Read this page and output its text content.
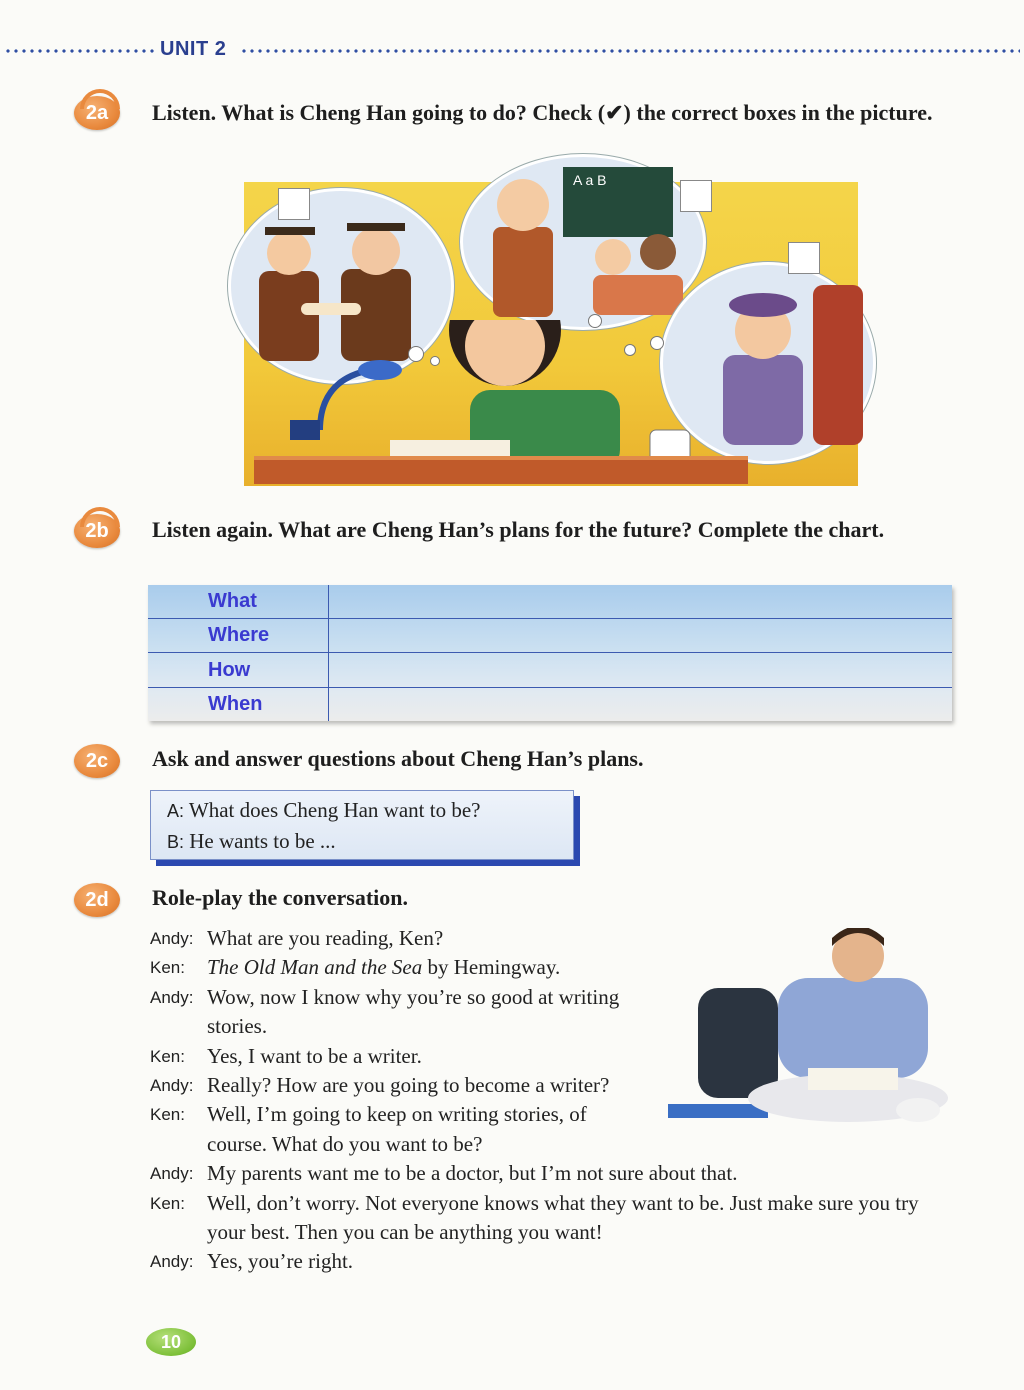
UNIT 2
2a	Listen. What is Cheng Han going to do? Check (✔) the correct boxes in the picture.
A a B
2b	Listen again. What are Cheng Han’s plans for the future? Complete the chart.
What	
Where	
How	
When	
2c	Ask and answer questions about Cheng Han’s plans.
A: What does Cheng Han want to be?
B: He wants to be ...
2d	Role-play the conversation.
Andy: What are you reading, Ken?
Ken:	The Old Man and the Sea by Hemingway.
Andy: Wow, now I know why you’re so good at writing stories.
Ken:	Yes, I want to be a writer.
Andy: Really? How are you going to become a writer?
Ken:	Well, I’m going to keep on writing stories, of course. What do you want to be?
Andy: My parents want me to be a doctor, but I’m not sure about that.
Ken:	Well, don’t worry. Not everyone knows what they want to be. Just make sure you try your best. Then you can be anything you want!
Andy: Yes, you’re right.
10
